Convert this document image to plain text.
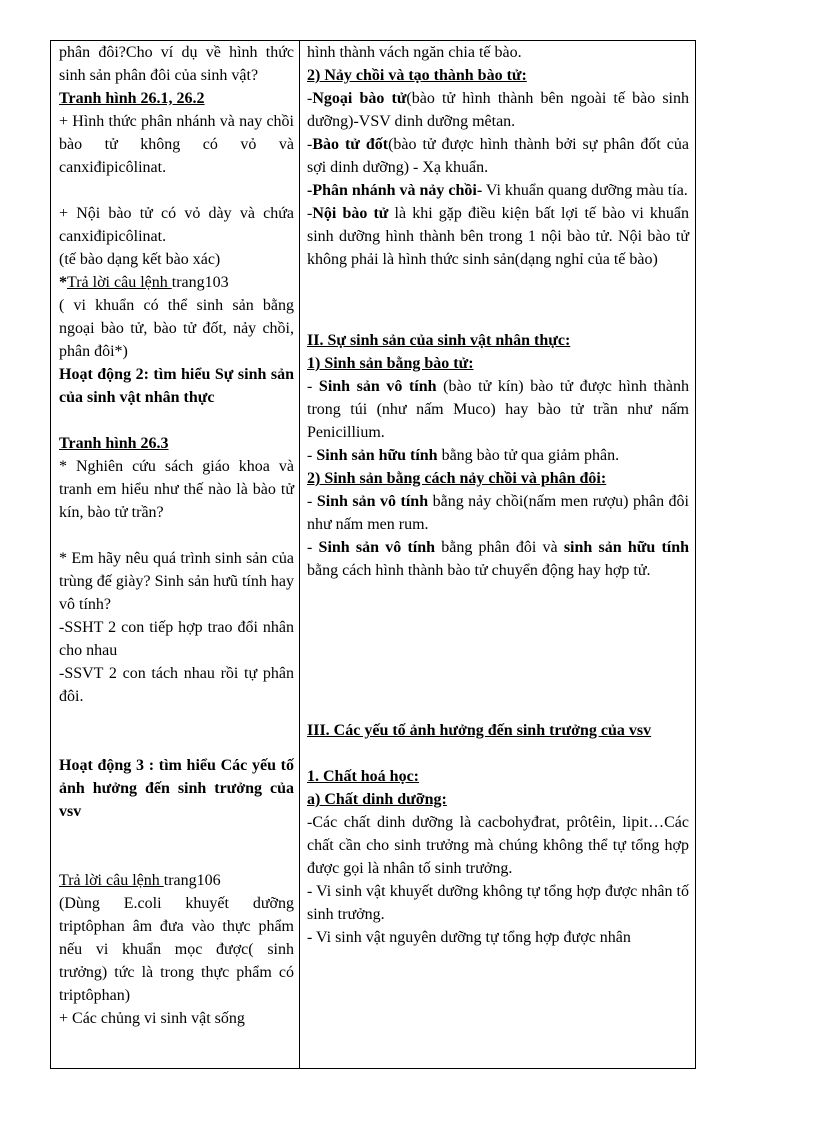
phân đôi?Cho ví dụ về hình thức sinh sản phân đôi của sinh vật?
Tranh hình 26.1, 26.2
+ Hình thức phân nhánh và nay chồi bào tử không có vỏ và canxiđipicôlinat.
+ Nội bào tử có vỏ dày và chứa canxiđipicôlinat.
(tế bào dạng kết bào xác)
*Trả lời câu lệnh trang103
( vi khuẩn có thể sinh sản bằng ngoại bào tử, bào tử đốt, nảy chồi, phân đôi*)
Hoạt động 2: tìm hiểu Sự sinh sản của sinh vật nhân thực
Tranh hình 26.3
* Nghiên cứu sách giáo khoa và tranh em hiểu như thế nào là bào tử kín, bào tử trần?
* Em hãy nêu quá trình sinh sản của trùng đế giày? Sinh sản hưũ tính hay vô tính?
-SSHT 2 con tiếp hợp trao đổi nhân cho nhau
-SSVT 2 con tách nhau rồi tự phân đôi.
Hoạt động 3 : tìm hiểu Các yếu tố ảnh hưởng đến sinh trưởng của vsv
Trả lời câu lệnh trang106
(Dùng E.coli khuyết dưỡng triptôphan âm đưa vào thực phẩm nếu vi khuẩn mọc được( sinh trưởng) tức là trong thực phẩm có triptôphan)
+ Các chủng vi sinh vật sống
hình thành vách ngăn chia tế bào.
2) Nảy chồi và tạo thành bào tử:
-Ngoại bào tử(bào tử hình thành bên ngoài tế bào sinh dưỡng)-VSV dinh dưỡng mêtan.
-Bào tử đốt(bào tử được hình thành bởi sự phân đốt của sợi dinh dưỡng) - Xạ khuẩn.
-Phân nhánh và nảy chồi- Vi khuẩn quang dưỡng màu tía.
-Nội bào tử là khi gặp điều kiện bất lợi tế bào vi khuẩn sinh dưỡng hình thành bên trong 1 nội bào tử. Nội bào tử không phải là hình thức sinh sản(dạng nghỉ của tế bào)
II. Sự sinh sản của sinh vật nhân thực:
1) Sinh sản bằng bào tử:
- Sinh sản vô tính (bào tử kín) bào tử được hình thành trong túi (như nấm Muco) hay bào tử trần như nấm Penicillium.
- Sinh sản hữu tính bằng bào tử qua giảm phân.
2) Sinh sản bằng cách nảy chồi và phân đôi:
- Sinh sản vô tính bằng nảy chồi(nấm men rượu) phân đôi như nấm men rum.
- Sinh sản vô tính bằng phân đôi và sinh sản hữu tính bằng cách hình thành bào tử chuyển động hay hợp tử.
III. Các yếu tố ảnh hưởng đến sinh trưởng của vsv
1. Chất hoá học:
a) Chất dinh dưỡng:
-Các chất dinh dưỡng là cacbohyđrat, prôtêin, lipit…Các chất cần cho sinh trưởng mà chúng không thể tự tổng hợp được gọi là nhân tố sinh trưởng.
- Vi sinh vật khuyết dưỡng không tự tổng hợp được nhân tố sinh trưởng.
- Vi sinh vật nguyên dưỡng tự tổng hợp được nhân
